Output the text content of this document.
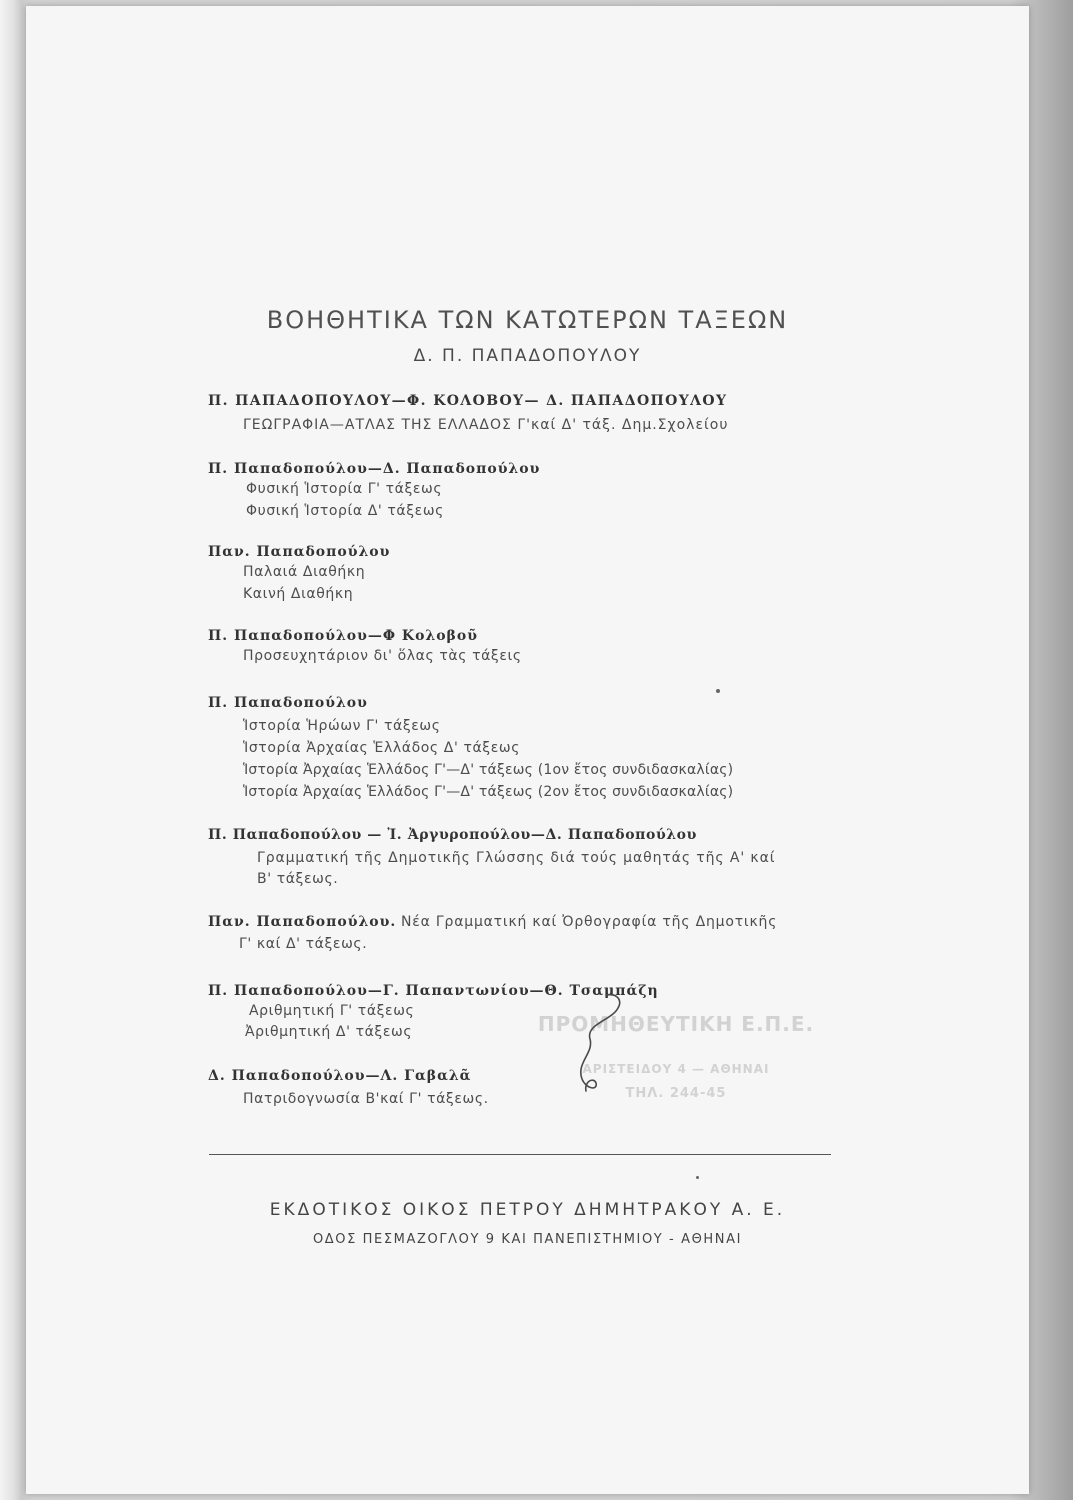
ΒΟΗΘΗΤΙΚΑ ΤΩΝ ΚΑΤΩΤΕΡΩΝ ΤΑΞΕΩΝ
Δ. Π. ΠΑΠΑΔΟΠΟΥΛΟΥ
Π. ΠΑΠΑΔΟΠΟΥΛΟΥ—Φ. ΚΟΛΟΒΟΥ— Δ. ΠΑΠΑΔΟΠΟΥΛΟΥ
ΓΕΩΓΡΑΦΙΑ—ΑΤΛΑΣ ΤΗΣ ΕΛΛΑΔΟΣ Γ'καί Δ' τάξ. Δημ.Σχολείου
Π. Παπαδοπούλου—Δ. Παπαδοπούλου
Φυσική Ἱστορία Γ' τάξεως
Φυσική Ἱστορία Δ' τάξεως
Παν. Παπαδοπούλου
Παλαιά Διαθήκη
Καινή Διαθήκη
Π. Παπαδοπούλου—Φ Κολοβοῦ
Προσευχητάριον δι' ὅλας τὰς τάξεις
Π. Παπαδοπούλου
Ἱστορία Ἡρώων Γ' τάξεως
Ἱστορία Ἀρχαίας Ἑλλάδος Δ' τάξεως
Ἱστορία Ἀρχαίας Ἑλλάδος Γ'—Δ' τάξεως (1ον ἔτος συνδιδασκαλίας)
Ἱστορία Ἀρχαίας Ἑλλάδος Γ'—Δ' τάξεως (2ον ἔτος συνδιδασκαλίας)
Π. Παπαδοπούλου — Ἰ. Ἀργυροπούλου—Δ. Παπαδοπούλου
Γραμματική τῆς Δημοτικῆς Γλώσσης διά τούς μαθητάς τῆς Α' καί
Β' τάξεως.
Παν. Παπαδοπούλου. Νέα Γραμματική καί Ὀρθογραφία τῆς Δημοτικῆς
Γ' καί Δ' τάξεως.
Π. Παπαδοπούλου—Γ. Παπαντωνίου—Θ. Τσαμπάζη
Αριθμητική Γ' τάξεως
Ἀριθμητική Δ' τάξεως
Δ. Παπαδοπούλου—Λ. Γαβαλᾶ
Πατριδογνωσία Β'καί Γ' τάξεως.
ΠΡΟΜΗΘΕΥΤΙΚΗ Ε.Π.Ε.
ΑΡΙΣΤΕΙΔΟΥ 4 — ΑΘΗΝΑΙ
ΤΗΛ. 244-45
ΕΚΔΟΤΙΚΟΣ ΟΙΚΟΣ ΠΕΤΡΟΥ ΔΗΜΗΤΡΑΚΟΥ Α. Ε.
ΟΔΟΣ ΠΕΣΜΑΖΟΓΛΟΥ 9 ΚΑΙ ΠΑΝΕΠΙΣΤΗΜΙΟΥ - ΑΘΗΝΑΙ
